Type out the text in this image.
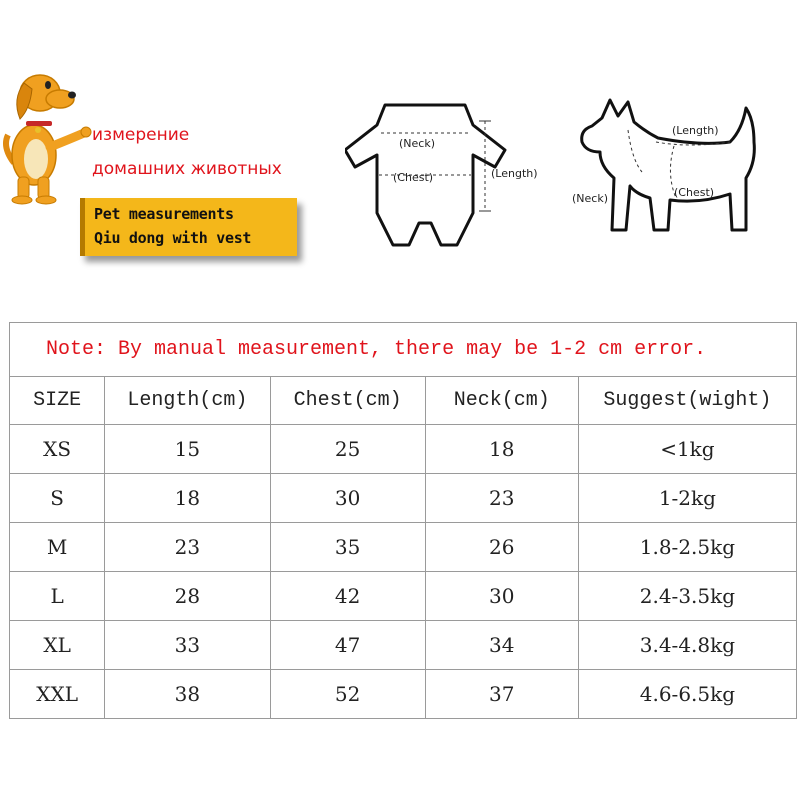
измерение
домашних животных
Pet measurements
Qiu dong with vest
(Neck)
(Chest)	(Length)
(Length)
(Neck)	(Chest)
Note: By manual measurement, there may be 1-2 cm error.				
SIZE	Length(cm)	Chest(cm)	Neck(cm)	Suggest(wight)
XS	15	25	18	<1kg
S	18	30	23	1-2kg
M	23	35	26	1.8-2.5kg
L	28	42	30	2.4-3.5kg
XL	33	47	34	3.4-4.8kg
XXL	38	52	37	4.6-6.5kg
